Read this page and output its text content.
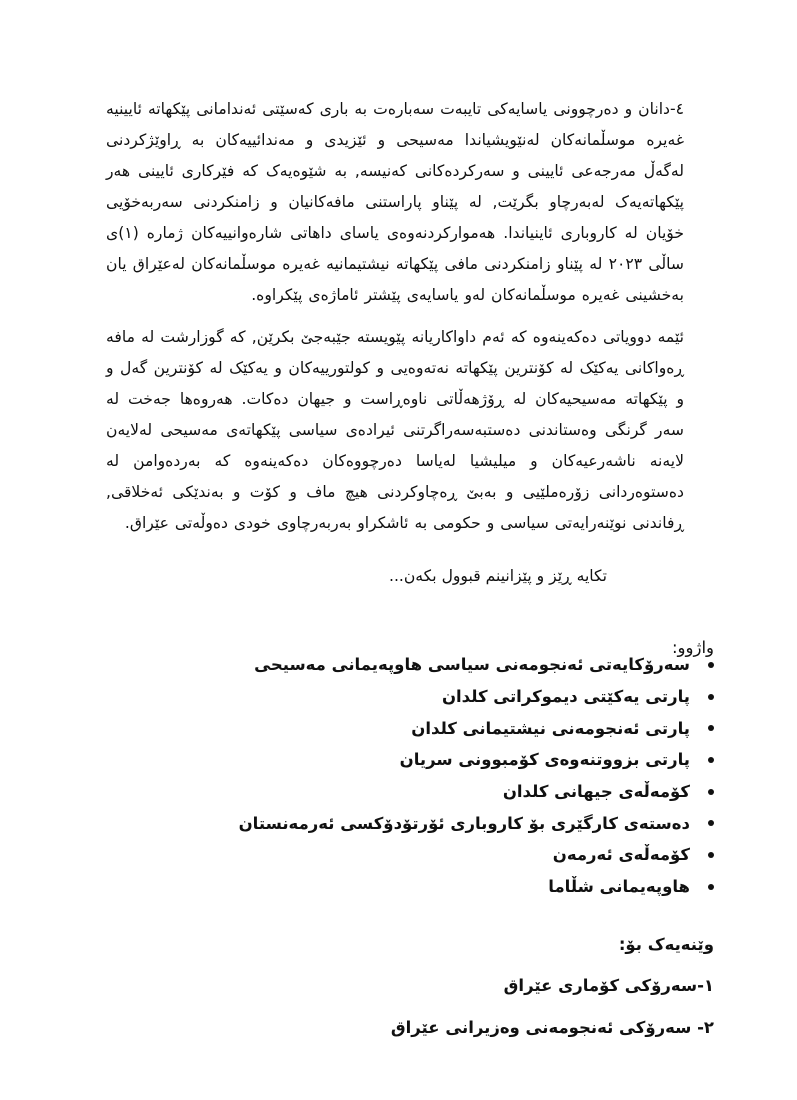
٤-دانان و دەرچوونی یاسایەکی تایبەت سەبارەت بە باری کەسێتی ئەندامانی پێکهاتە ئایینیە غەیرە موسڵمانەکان لەنێویشیاندا مەسیحی و ئێزیدی و مەندائییەکان بە ڕاوێژکردنی لەگەڵ مەرجەعی ئایینی و سەرکردەکانی کەنیسە, بە شێوەیەک کە فێرکاری ئایینی هەر پێکهاتەیەک لەبەرچاو بگرێت, لە پێناو پاراستنی مافەکانیان و زامنکردنی سەربەخۆیی خۆیان لە کاروباری ئاینیاندا. هەموارکردنەوەی یاسای داهاتی شارەوانییەکان ژمارە (١)ی ساڵی ٢٠٢٣ لە پێناو زامنکردنی مافی پێکهاتە نیشتیمانیە غەیرە موسڵمانەکان لەعێراق یان بەخشینی غەیرە موسڵمانەکان لەو یاسایەی پێشتر ئاماژەی پێکراوە.

ئێمە دوویاتی دەکەینەوە کە ئەم داواکاریانە پێویستە جێبەجێ بکرێن, کە گوزارشت لە مافە ڕەواکانی یەکێک لە کۆنترین پێکهاتە نەتەوەیی و کولتورییەکان و یەکێک لە کۆنترین گەل و و پێکهاتە مەسیحیەکان لە ڕۆژهەڵاتی ناوەڕاست و جیهان دەکات. هەروەها جەخت لە سەر گرنگی وەستاندنی دەستبەسەراگرتنی ئیرادەی سیاسی پێکهاتەی مەسیحی لەلایەن لایەنە ناشەرعیەکان و میلیشیا لەیاسا دەرچووەکان دەکەینەوە کە بەردەوامن لە دەستوەردانی زۆرەملێیی و بەبێ ڕەچاوکردنی هیچ ماف و کۆت و بەندێکی ئەخلاقی, ڕفاندنی نوێنەرایەتی سیاسی و حکومی بە ئاشکراو بەربەرچاوی خودی دەوڵەتی عێراق.

تکایە ڕێز و پێزانینم قبوول بکەن...

واژوو:

سەرۆکایەتی ئەنجومەنی سیاسی هاوپەیمانی مەسیحی
پارتی یەکێتی دیموکراتی کلدان
پارتی ئەنجومەنی نیشتیمانی کلدان
پارتی بزووتنەوەی کۆمبوونی سریان
کۆمەڵەی جیهانی کلدان
دەستەی کارگێری بۆ کاروباری ئۆرتۆدۆکسی ئەرمەنستان
کۆمەڵەی ئەرمەن
هاوپەیمانی شڵاما

وێنەیەک بۆ:

١-سەرۆکی کۆماری عێراق

٢- سەرۆکی ئەنجومەنی وەزیرانی عێراق
